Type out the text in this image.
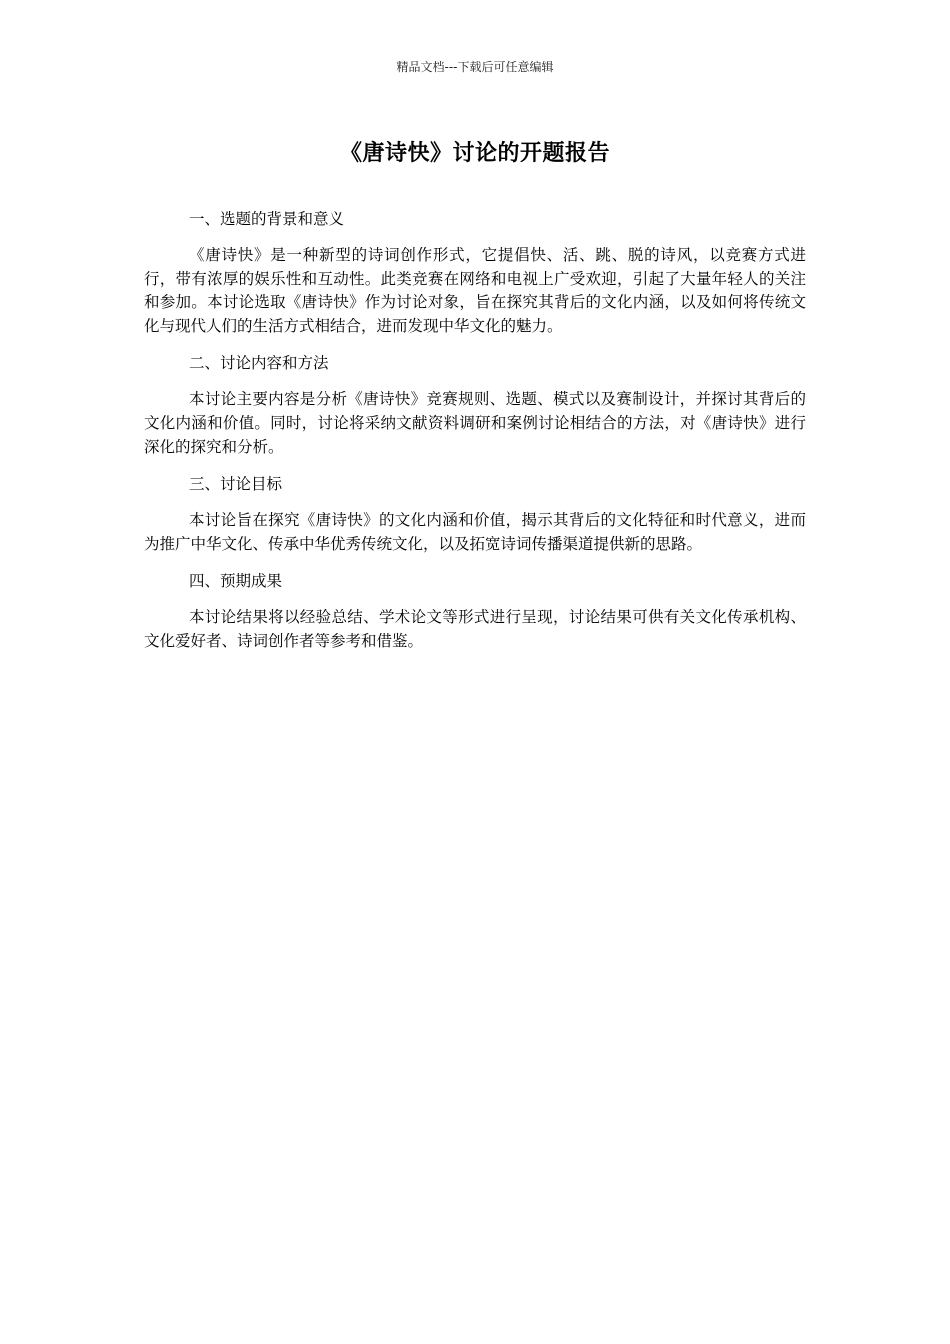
精品文档---下载后可任意编辑
《唐诗快》讨论的开题报告
一、选题的背景和意义

《唐诗快》是一种新型的诗词创作形式，它提倡快、活、跳、脱的诗风，以竞赛方式进行，带有浓厚的娱乐性和互动性。此类竞赛在网络和电视上广受欢迎，引起了大量年轻人的关注和参加。本讨论选取《唐诗快》作为讨论对象，旨在探究其背后的文化内涵，以及如何将传统文化与现代人们的生活方式相结合，进而发现中华文化的魅力。

二、讨论内容和方法

本讨论主要内容是分析《唐诗快》竞赛规则、选题、模式以及赛制设计，并探讨其背后的文化内涵和价值。同时，讨论将采纳文献资料调研和案例讨论相结合的方法，对《唐诗快》进行深化的探究和分析。

三、讨论目标

本讨论旨在探究《唐诗快》的文化内涵和价值，揭示其背后的文化特征和时代意义，进而为推广中华文化、传承中华优秀传统文化，以及拓宽诗词传播渠道提供新的思路。

四、预期成果

本讨论结果将以经验总结、学术论文等形式进行呈现，讨论结果可供有关文化传承机构、文化爱好者、诗词创作者等参考和借鉴。
